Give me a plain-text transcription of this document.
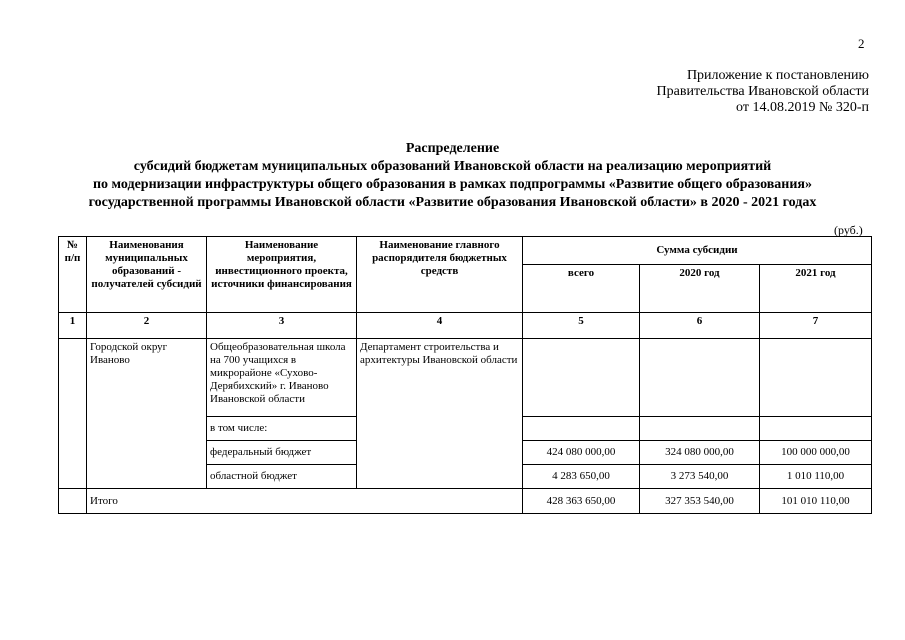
2
Приложение к постановлению
Правительства Ивановской области
от 14.08.2019 № 320-п
Распределение
субсидий бюджетам муниципальных образований Ивановской области на реализацию мероприятий
по модернизации инфраструктуры общего образования в рамках подпрограммы «Развитие общего образования»
государственной программы Ивановской области «Развитие образования Ивановской области» в 2020 - 2021 годах
(руб.)
№ п/п	Наименования муниципальных образований - получателей субсидий	Наименование мероприятия, инвестиционного проекта, источники финансирования	Наименование главного распорядителя бюджетных средств	Сумма субсидии		
				всего	2020 год	2021 год
1	2	3	4	5	6	7
	Городской округ Иваново	Общеобразовательная школа на 700 учащихся в микрорайоне «Сухово-Дерябихский» г. Иваново Ивановской области	Департамент строительства и архитектуры Ивановской области			
		в том числе:				
		федеральный бюджет		424 080 000,00	324 080 000,00	100 000 000,00
		областной бюджет		4 283 650,00	3 273 540,00	1 010 110,00
	Итого			428 363 650,00	327 353 540,00	101 010 110,00
